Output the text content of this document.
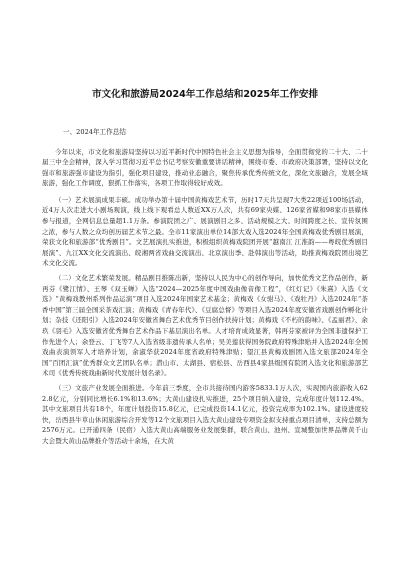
市文化和旅游局2024年工作总结和2025年工作安排
一、2024年工作总结

今年以来，市文化和旅游局坚持以习近平新时代中国特色社会主义思想为指导，全面贯彻党的二十大、二十届三中全会精神，深入学习贯彻习近平总书记考察安徽重要讲话精神，围绕市委、市政府决策部署，坚持以文化强市和旅游强市建设为指引，强化项目建设，推动业态融合，聚焦传承优秀传统文化，深化文旅融合，发展全域旅游，强化工作调度，狠抓工作落实，各项工作取得较好成效。

（一）艺术展演成果丰硕。成功举办第十届中国黄梅戏艺术节，历时17天共呈现7大类22项近100场活动，近4万人次走进大小剧场观演，线上线下观看总人数近XX万人次，共有69家央媒、126家省媒和98家市县媒体参与报道，全网信息总量超1.1万条。参演院团之广、展演剧目之多、活动规模之大、时间跨度之长、宣传氛围之浓，参与人数之众均创历届艺术节之最。全市11家演出单位14部大戏入选2024年全国黄梅戏优秀剧目展演，荣获文化和旅游部“优秀剧目”。文艺展演扎实推进，积极组织黄梅戏院团开展“越南江 江淮韵——粤皖优秀剧目展演”、九江XX文化交流演出、皖湘两省戏曲交流演出、北京演出季、赴韩演出等活动，助推黄梅戏院团出境艺术文化交流。

（二）文化艺术繁荣发展。精品剧目推陈出新，坚持以人民为中心的创作导向，加快优秀文艺作品创作，新再芬《鹭江情》、王琴《双玉蝉》入选“2024—2025年度中国戏曲像音像工程”，《红灯记》《朱熹》入选《文选》“黄梅戏教州系列作品运演”项目入选2024年国家艺术基金；黄梅戏《女驸马》、《戏牡丹》入选2024年“茶香中国”第三届全国采茶戏汇演；黄梅戏《青春年代》、《豆腐总督》等项目入选2024年度安徽省戏剧创作孵化计划；杂技《还阳引》入选2024年安徽省舞台艺术优秀节目创作扶持计划；黄梅戏《不朽的韵味》、《孟丽君》、余玖《羽毛》入选安徽省优秀舞台艺术作品下基层演出名单。人才培育成效显著，韩再芬家被评为全国非遗保护工作先进个人；余登云、丁飞等7人入选省级非遗传承人名单；吴美莲获得国务院政府特殊津贴并入选2024年全国戏曲表演领军人才培养计划，余淑华获2024年度省政府特殊津贴；望江县黄梅戏剧团入选文旅部2024年全国“百团汇演”优秀群众文艺团队名单；潜山市、太湖县、宿松县、岳西县4家县级国有院团入选文化和旅游部艺术司《优秀传统戏曲新时代发展计划名录》。

（三）文旅产业发展全面推进。今年前三季度，全市共接待国内游客5833.1万人次，实现国内旅游收入622.8亿元，分别同比增长6.1%和13.6%；大黄山建设扎实推进，25个项目纳入建设，完成年度计划112.4%。其中文旅项目共有18个，年度计划投资15.8亿元，已完成投资14.1亿元，投资完成率为102.1%。建设进度较快，岳西县牛草山休闲旅游综合开发等12个文旅项目入选大黄山建设专项资金拟支持重点项目清单，支持总额为2576万元。已开通四条（民宿）入选大黄山高端服务业发展集群，联合黄山、池州、宣城整加世界品牌黄千山大会暨大黄山品牌推介等活动十余场，在大黄
